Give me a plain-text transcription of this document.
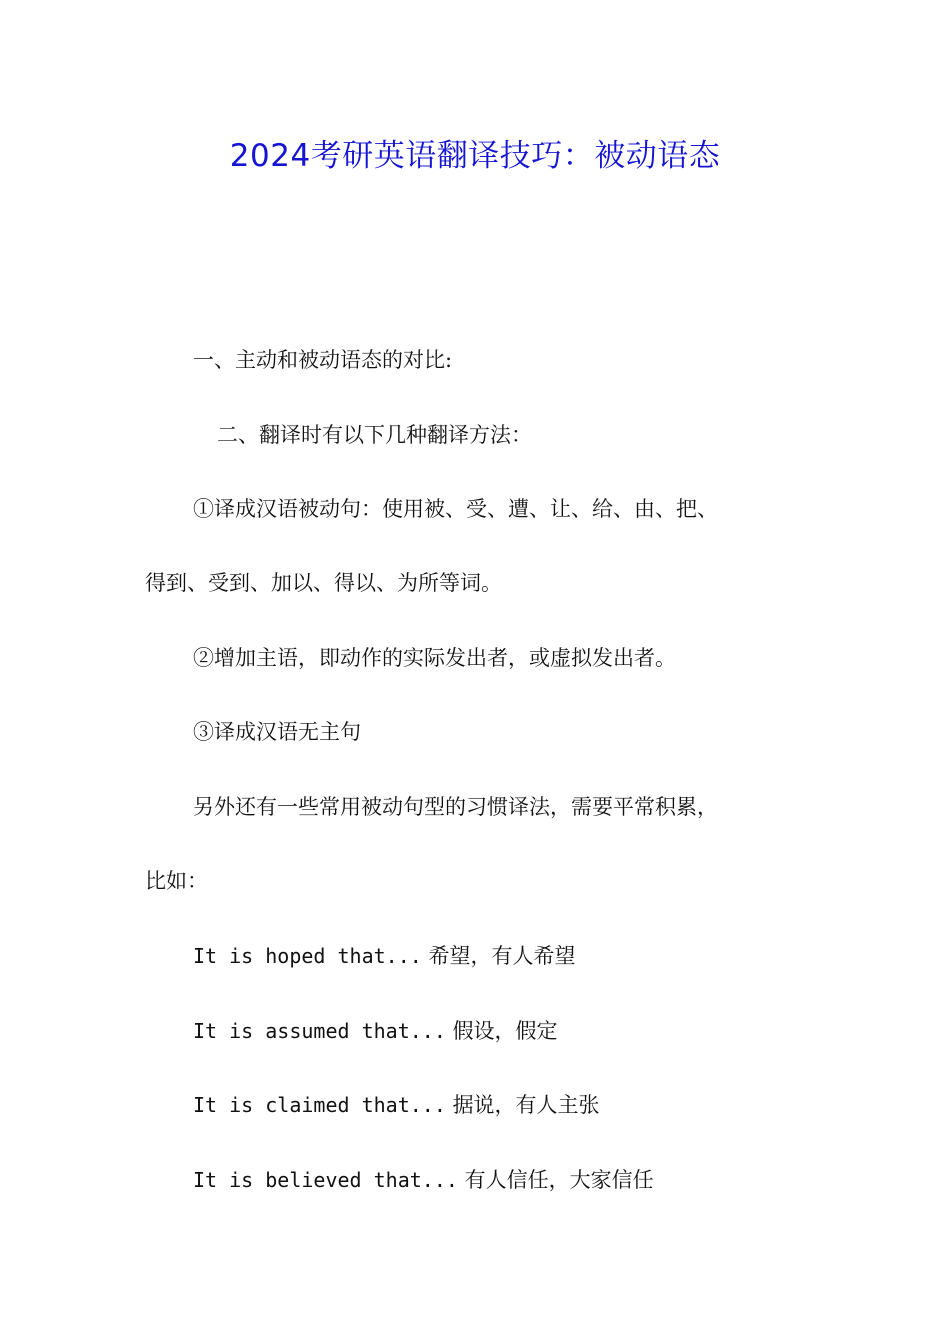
2024考研英语翻译技巧：被动语态
一、主动和被动语态的对比:
二、翻译时有以下几种翻译方法：
①译成汉语被动句：使用被、受、遭、让、给、由、把、
得到、受到、加以、得以、为所等词。
②增加主语，即动作的实际发出者，或虚拟发出者。
③译成汉语无主句
另外还有一些常用被动句型的习惯译法，需要平常积累，
比如：
It is hoped that... 希望，有人希望
It is assumed that... 假设，假定
It is claimed that... 据说，有人主张
It is believed that... 有人信任，大家信任
